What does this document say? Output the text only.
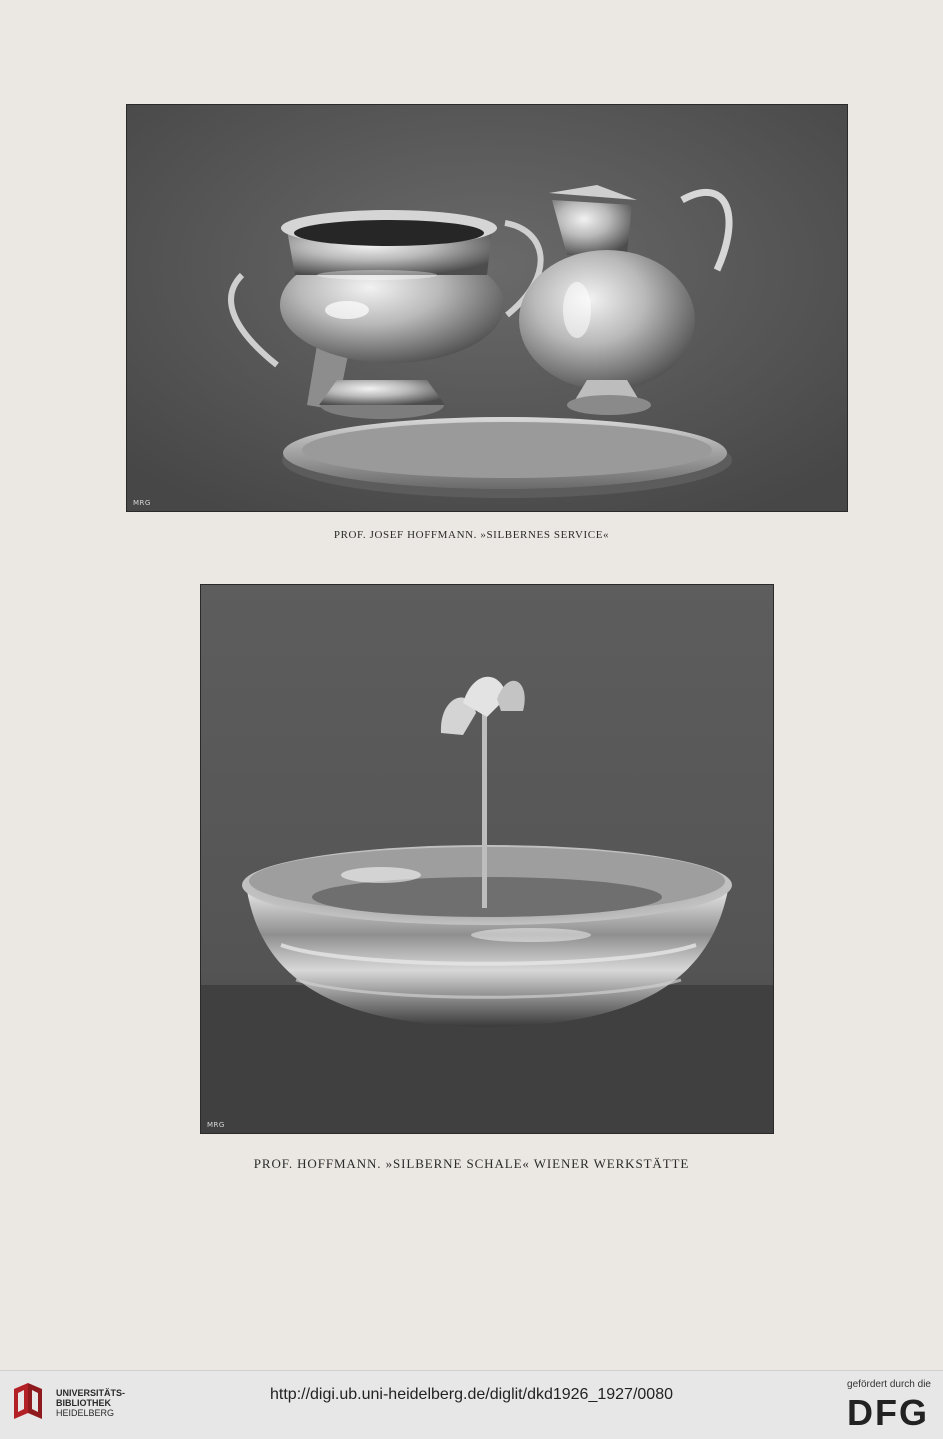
MRG
PROF. JOSEF HOFFMANN. »SILBERNES SERVICE«
MRG
PROF. HOFFMANN. »SILBERNE SCHALE« WIENER WERKSTÄTTE
UNIVERSITÄTS-
BIBLIOTHEK
HEIDELBERG
http://digi.ub.uni-heidelberg.de/diglit/dkd1926_1927/0080
gefördert durch die
DFG
